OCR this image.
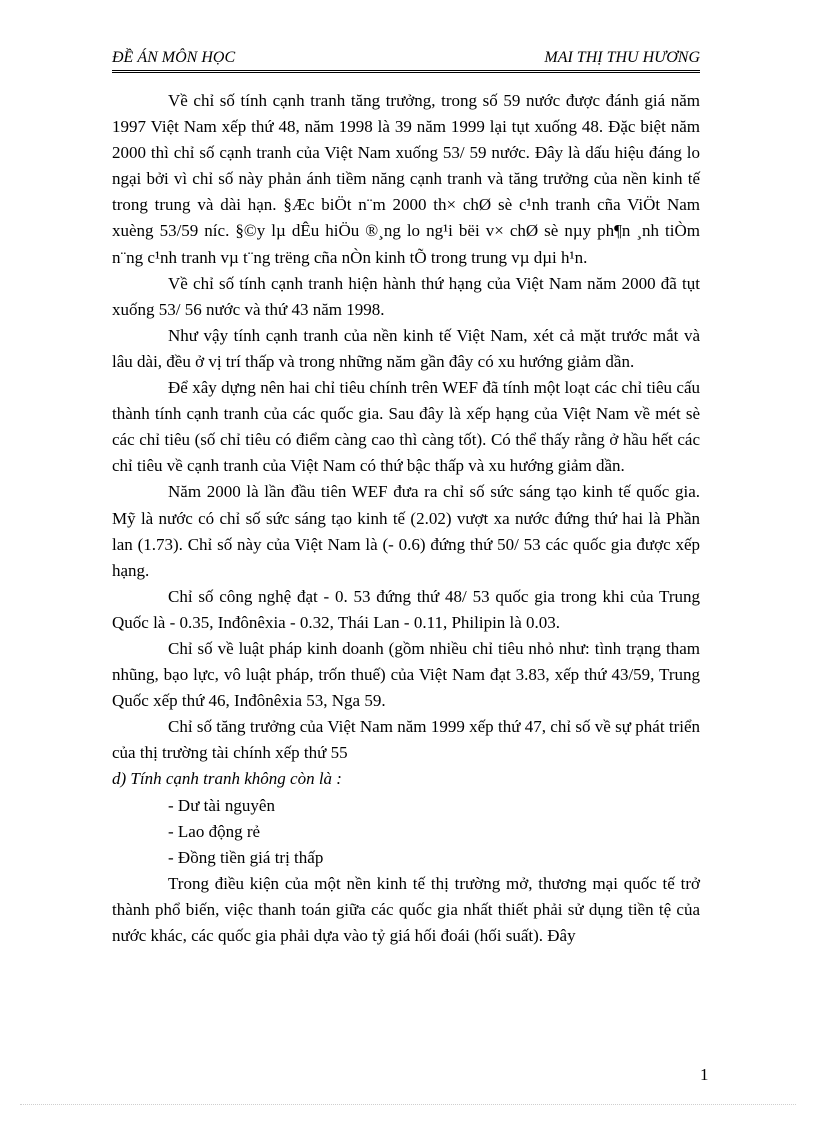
ĐỀ ÁN MÔN HỌC	MAI THỊ THU HƯƠNG

Về chỉ số tính cạnh tranh tăng trưởng, trong số 59 nước được đánh giá năm 1997 Việt Nam xếp thứ 48, năm 1998 là 39 năm 1999 lại tụt xuống 48. Đặc biệt năm 2000 thì chỉ số cạnh tranh của Việt Nam xuống 53/ 59 nước. Đây là dấu hiệu đáng lo ngại bởi vì chỉ số này phản ánh tiềm năng cạnh tranh và tăng trưởng của nền kinh tế trong trung và dài hạn. §Æc biÖt n¨m 2000 th× chØ sè c¹nh tranh cña ViÖt Nam xuèng 53/59 níc. §©y lµ dÊu hiÖu ®¸ng lo ng¹i bëi v× chØ sè nµy ph¶n ¸nh tiÒm n¨ng c¹nh tranh vµ t¨ng trëng cña nÒn kinh tÕ trong trung vµ dµi h¹n.

Về chỉ số tính cạnh tranh hiện hành thứ hạng của Việt Nam năm 2000 đã tụt xuống 53/ 56 nước và thứ 43 năm 1998.

Như vậy tính cạnh tranh của nền kinh tế Việt Nam, xét cả mặt trước mắt và lâu dài, đều ở vị trí thấp và trong những năm gần đây có xu hướng giảm dần.

Để xây dựng nên hai chỉ tiêu chính trên WEF đã tính một loạt các chỉ tiêu cấu thành tính cạnh tranh của các quốc gia. Sau đây là xếp hạng của Việt Nam về mét sè các chỉ tiêu (số chỉ tiêu có điểm càng cao thì càng tốt). Có thể thấy rằng ở hầu hết các chỉ tiêu về cạnh tranh của Việt Nam có thứ bậc thấp và xu hướng giảm dần.

Năm 2000 là lần đầu tiên WEF đưa ra chỉ số sức sáng tạo kinh tế quốc gia. Mỹ là nước có chỉ số sức sáng tạo kinh tế (2.02) vượt xa nước đứng thứ hai là Phần lan (1.73). Chỉ số này của Việt Nam là (- 0.6) đứng thứ 50/ 53 các quốc gia được xếp hạng.

Chỉ số công nghệ đạt - 0. 53 đứng thứ 48/ 53 quốc gia trong khi của Trung Quốc là - 0.35, Inđônêxia - 0.32, Thái Lan - 0.11, Philipin là 0.03.

Chỉ số về luật pháp kinh doanh (gồm nhiều chỉ tiêu nhỏ như: tình trạng tham nhũng, bạo lực, vô luật pháp, trốn thuế) của Việt Nam đạt 3.83, xếp thứ 43/59, Trung Quốc xếp thứ 46, Inđônêxia 53, Nga 59.

Chỉ số tăng trưởng của Việt Nam năm 1999 xếp thứ 47, chỉ số về sự phát triển của thị trường tài chính xếp thứ 55

d) Tính cạnh tranh không còn là :

- Dư tài nguyên

- Lao động rẻ

- Đồng tiền giá trị thấp

Trong điều kiện của một nền kinh tế thị trường mở, thương mại quốc tế trở thành phổ biến, việc thanh toán giữa các quốc gia nhất thiết phải sử dụng tiền tệ của nước khác, các quốc gia phải dựa vào tỷ giá hối đoái (hối suất). Đây

1
